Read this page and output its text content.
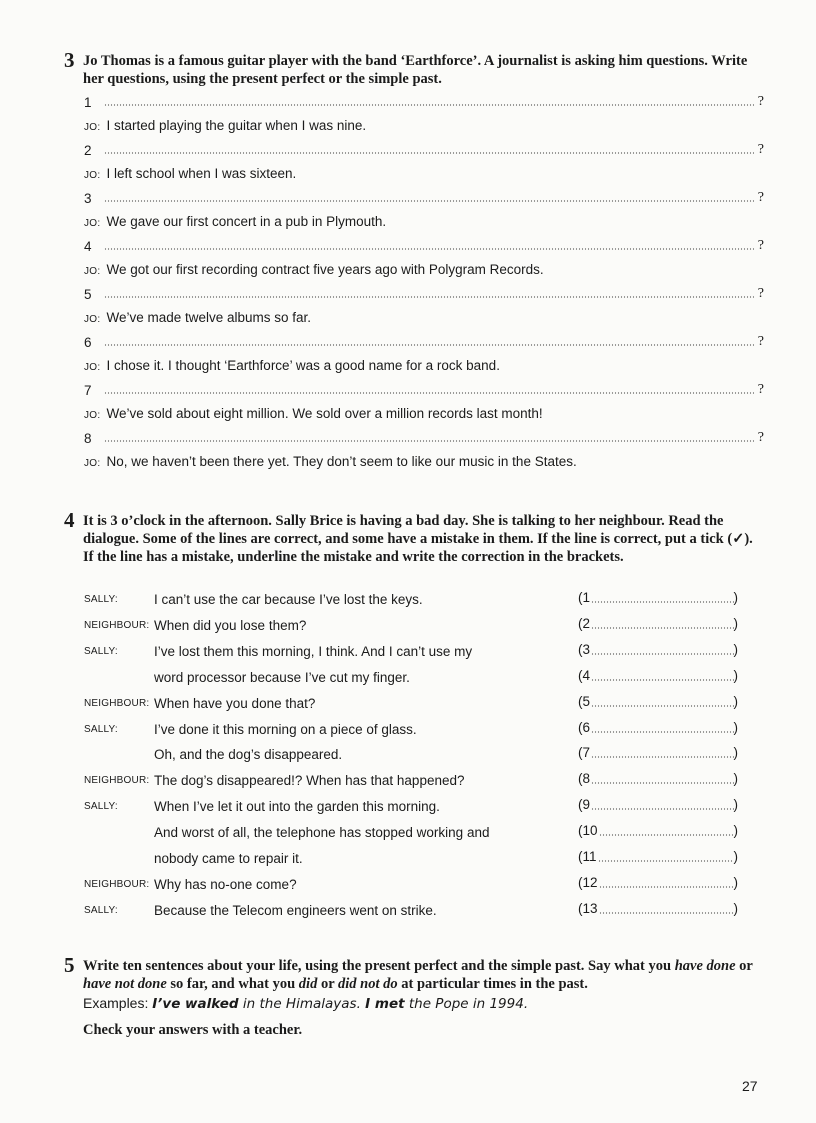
3 Jo Thomas is a famous guitar player with the band ‘Earthforce’. A journalist is asking him questions. Write her questions, using the present perfect or the simple past.
1	?
JO: I started playing the guitar when I was nine.
2	?
JO: I left school when I was sixteen.
3	?
JO: We gave our first concert in a pub in Plymouth.
4	?
JO: We got our first recording contract five years ago with Polygram Records.
5	?
JO: We’ve made twelve albums so far.
6	?
JO: I chose it. I thought ‘Earthforce’ was a good name for a rock band.
7	?
JO: We’ve sold about eight million. We sold over a million records last month!
8	?
JO: No, we haven’t been there yet. They don’t seem to like our music in the States.
4 It is 3 o’clock in the afternoon. Sally Brice is having a bad day. She is talking to her neighbour. Read the dialogue. Some of the lines are correct, and some have a mistake in them. If the line is correct, put a tick (✓). If the line has a mistake, underline the mistake and write the correction in the brackets.
SALLY:	I can’t use the car because I’ve lost the keys.	(1	)
NEIGHBOUR: When did you lose them?	(2	)
SALLY:	I’ve lost them this morning, I think. And I can’t use my	(3	)
word processor because I’ve cut my finger.	(4	)
NEIGHBOUR: When have you done that?	(5	)
SALLY:	I’ve done it this morning on a piece of glass.	(6	)
Oh, and the dog’s disappeared.	(7	)
NEIGHBOUR: The dog’s disappeared!? When has that happened?	(8	)
SALLY:	When I’ve let it out into the garden this morning.	(9	)
And worst of all, the telephone has stopped working and	(10	)
nobody came to repair it.	(11	)
NEIGHBOUR: Why has no-one come?	(12	)
SALLY:	Because the Telecom engineers went on strike.	(13	)
5 Write ten sentences about your life, using the present perfect and the simple past. Say what you have done or have not done so far, and what you did or did not do at particular times in the past.
Examples: I’ve walked in the Himalayas. I met the Pope in 1994.
Check your answers with a teacher.
27
